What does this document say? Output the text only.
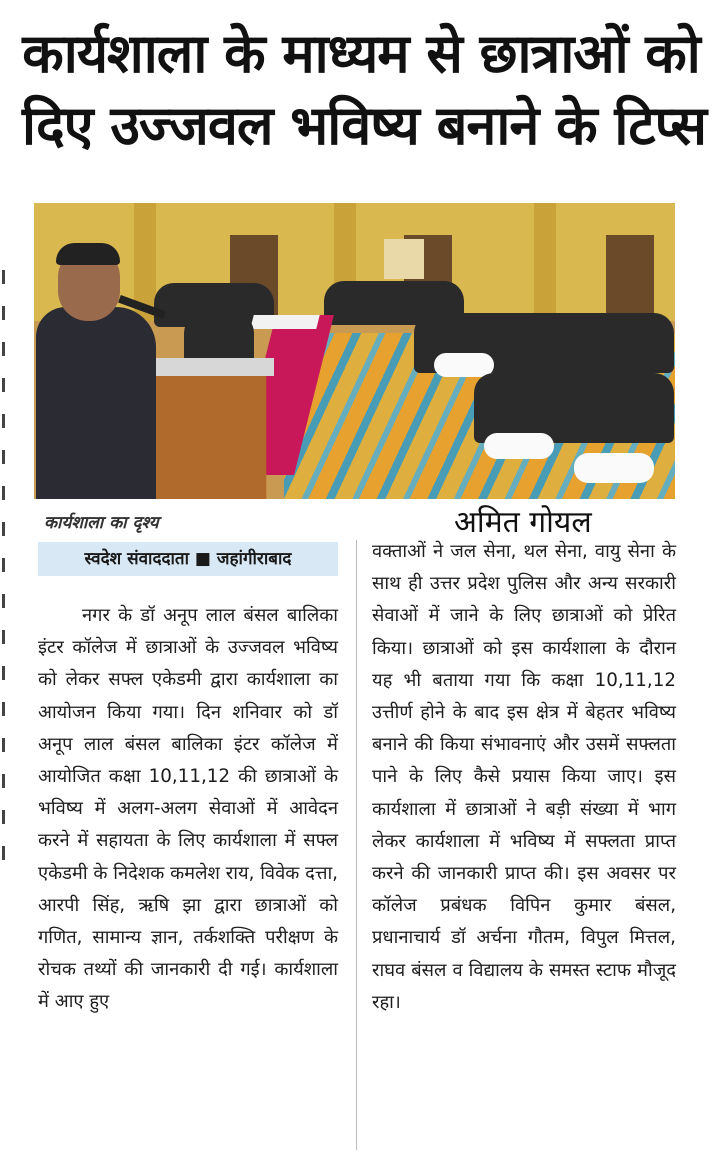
कार्यशाला के माध्यम से छात्राओं को
दिए उज्जवल भविष्य बनाने के टिप्स
कार्यशाला का दृश्य	अमित गोयल
स्वदेश संवाददाता ■ जहांगीराबाद
नगर के डॉ अनूप लाल बंसल बालिका इंटर कॉलेज में छात्राओं के उज्जवल भविष्य को लेकर सफ्ल एकेडमी द्वारा कार्यशाला का आयोजन किया गया। दिन शनिवार को डॉ अनूप लाल बंसल बालिका इंटर कॉलेज में आयोजित कक्षा 10,11,12 की छात्राओं के भविष्य में अलग-अलग सेवाओं में आवेदन करने में सहायता के लिए कार्यशाला में सफ्ल एकेडमी के निदेशक कमलेश राय, विवेक दत्ता, आरपी सिंह, ऋषि झा द्वारा छात्राओं को गणित, सामान्य ज्ञान, तर्कशक्ति परीक्षण के रोचक तथ्यों की जानकारी दी गई। कार्यशाला में आए हुए
वक्ताओं ने जल सेना, थल सेना, वायु सेना के साथ ही उत्तर प्रदेश पुलिस और अन्य सरकारी सेवाओं में जाने के लिए छात्राओं को प्रेरित किया। छात्राओं को इस कार्यशाला के दौरान यह भी बताया गया कि कक्षा 10,11,12 उत्तीर्ण होने के बाद इस क्षेत्र में बेहतर भविष्य बनाने की किया संभावनाएं और उसमें सफ्लता पाने के लिए कैसे प्रयास किया जाए। इस कार्यशाला में छात्राओं ने बड़ी संख्या में भाग लेकर कार्यशाला में भविष्य में सफ्लता प्राप्त करने की जानकारी प्राप्त की। इस अवसर पर कॉलेज प्रबंधक विपिन कुमार बंसल, प्रधानाचार्य डॉ अर्चना गौतम, विपुल मित्तल, राघव बंसल व विद्यालय के समस्त स्टाफ मौजूद रहा।
